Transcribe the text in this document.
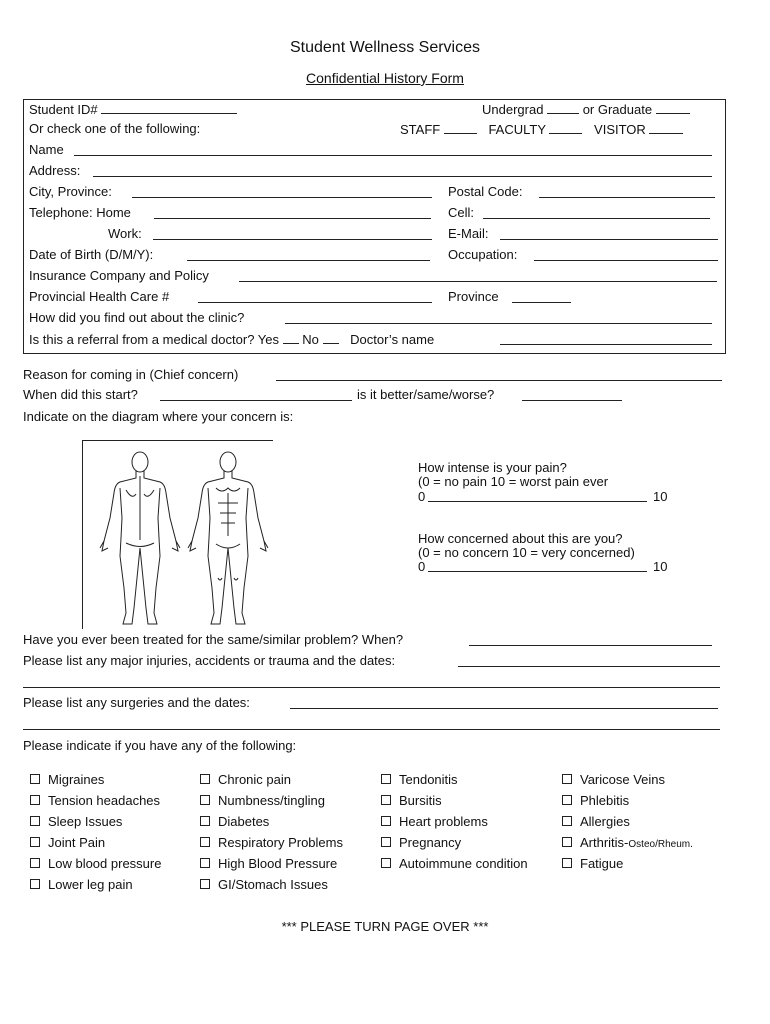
Student Wellness Services
Confidential History Form
Student ID#	Undergrad	or Graduate
Or check one of the following:	STAFF	FACULTY	VISITOR
Name
Address:
City, Province:	Postal Code:
Telephone: Home	Cell:
Work:	E-Mail:
Date of Birth (D/M/Y):	Occupation:
Insurance Company and Policy
Provincial Health Care #	Province
How did you find out about the clinic?
Is this a referral from a medical doctor? Yes No Doctor’s name
Reason for coming in (Chief concern)
When did this start?	is it better/same/worse?
Indicate on the diagram where your concern is:
How intense is your pain?
(0 = no pain 10 = worst pain ever
0	10
How concerned about this are you?
(0 = no concern 10 = very concerned)
0	10
Have you ever been treated for the same/similar problem? When?
Please list any major injuries, accidents or trauma and the dates:
Please list any surgeries and the dates:
Please indicate if you have any of the following:
Migraines
Tension headaches
Sleep Issues
Joint Pain
Low blood pressure
Lower leg pain
Chronic pain
Numbness/tingling
Diabetes
Respiratory Problems
High Blood Pressure
GI/Stomach Issues
Tendonitis
Bursitis
Heart problems
Pregnancy
Autoimmune condition
Varicose Veins
Phlebitis
Allergies
Arthritis-Osteo/Rheum.
Fatigue
*** PLEASE TURN PAGE OVER ***
